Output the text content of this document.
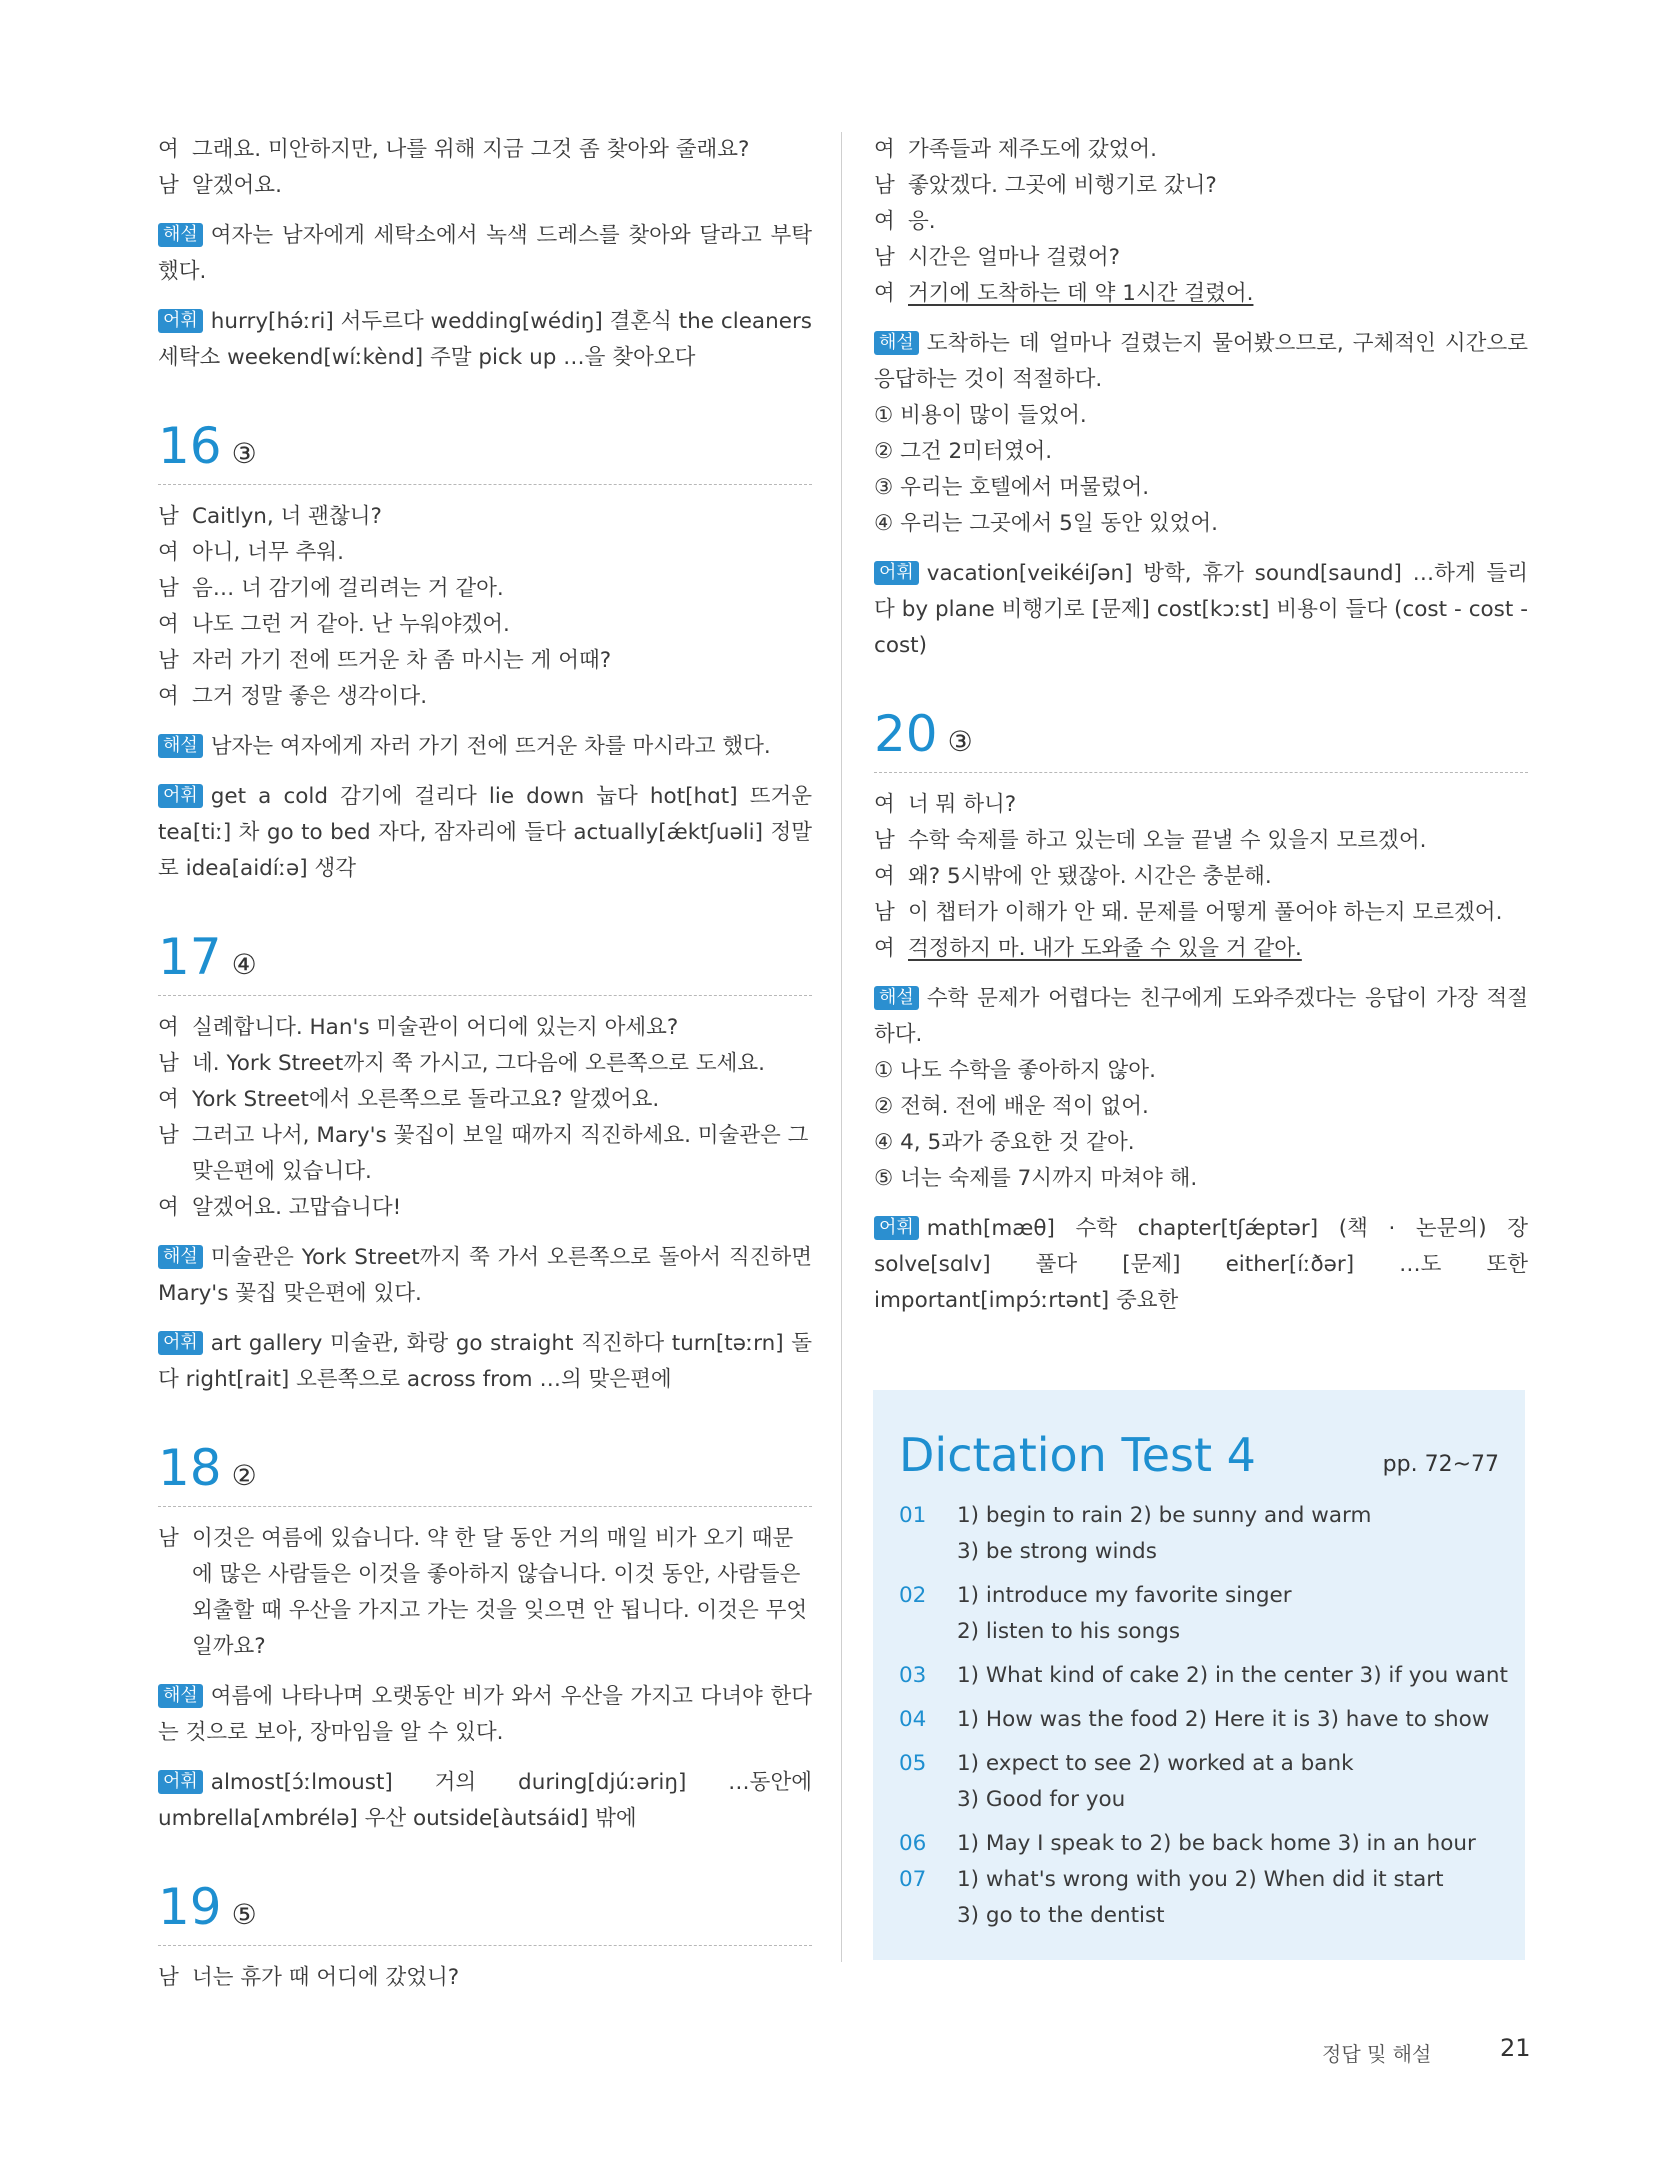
여 그래요. 미안하지만, 나를 위해 지금 그것 좀 찾아와 줄래요?
남 알겠어요.
해설 여자는 남자에게 세탁소에서 녹색 드레스를 찾아와 달라고 부탁했다.
어휘 hurry[hə́ːri] 서두르다 wedding[wédiŋ] 결혼식 the cleaners 세탁소 weekend[wíːkènd] 주말 pick up …을 찾아오다
16 ③
남 Caitlyn, 너 괜찮니?
여 아니, 너무 추워.
남 음… 너 감기에 걸리려는 거 같아.
여 나도 그런 거 같아. 난 누워야겠어.
남 자러 가기 전에 뜨거운 차 좀 마시는 게 어때?
여 그거 정말 좋은 생각이다.
해설 남자는 여자에게 자러 가기 전에 뜨거운 차를 마시라고 했다.
어휘 get a cold 감기에 걸리다 lie down 눕다 hot[hɑt] 뜨거운 tea[tiː] 차 go to bed 자다, 잠자리에 들다 actually[ǽktʃuəli] 정말로 idea[aidíːə] 생각
17 ④
여 실례합니다. Han's 미술관이 어디에 있는지 아세요?
남 네. York Street까지 쭉 가시고, 그다음에 오른쪽으로 도세요.
여 York Street에서 오른쪽으로 돌라고요? 알겠어요.
남 그러고 나서, Mary's 꽃집이 보일 때까지 직진하세요. 미술관은 그 맞은편에 있습니다.
여 알겠어요. 고맙습니다!
해설 미술관은 York Street까지 쭉 가서 오른쪽으로 돌아서 직진하면 Mary's 꽃집 맞은편에 있다.
어휘 art gallery 미술관, 화랑 go straight 직진하다 turn[təːrn] 돌다 right[rait] 오른쪽으로 across from …의 맞은편에
18 ②
남 이것은 여름에 있습니다. 약 한 달 동안 거의 매일 비가 오기 때문에 많은 사람들은 이것을 좋아하지 않습니다. 이것 동안, 사람들은 외출할 때 우산을 가지고 가는 것을 잊으면 안 됩니다. 이것은 무엇일까요?
해설 여름에 나타나며 오랫동안 비가 와서 우산을 가지고 다녀야 한다는 것으로 보아, 장마임을 알 수 있다.
어휘 almost[ɔ́ːlmoust] 거의 during[djúːəriŋ] …동안에 umbrella[ʌmbrélə] 우산 outside[àutsáid] 밖에
19 ⑤
남 너는 휴가 때 어디에 갔었니?
여 가족들과 제주도에 갔었어.
남 좋았겠다. 그곳에 비행기로 갔니?
여 응.
남 시간은 얼마나 걸렸어?
여 거기에 도착하는 데 약 1시간 걸렸어.
해설 도착하는 데 얼마나 걸렸는지 물어봤으므로, 구체적인 시간으로 응답하는 것이 적절하다.
① 비용이 많이 들었어.
② 그건 2미터였어.
③ 우리는 호텔에서 머물렀어.
④ 우리는 그곳에서 5일 동안 있었어.
어휘 vacation[veikéiʃən] 방학, 휴가 sound[saund] …하게 들리다 by plane 비행기로 [문제] cost[kɔːst] 비용이 들다 (cost - cost - cost)
20 ③
여 너 뭐 하니?
남 수학 숙제를 하고 있는데 오늘 끝낼 수 있을지 모르겠어.
여 왜? 5시밖에 안 됐잖아. 시간은 충분해.
남 이 챕터가 이해가 안 돼. 문제를 어떻게 풀어야 하는지 모르겠어.
여 걱정하지 마. 내가 도와줄 수 있을 거 같아.
해설 수학 문제가 어렵다는 친구에게 도와주겠다는 응답이 가장 적절하다.
① 나도 수학을 좋아하지 않아.
② 전혀. 전에 배운 적이 없어.
④ 4, 5과가 중요한 것 같아.
⑤ 너는 숙제를 7시까지 마쳐야 해.
어휘 math[mæθ] 수학 chapter[tʃǽptər] (책 · 논문의) 장 solve[sɑlv] 풀다 [문제] either[íːðər] …도 또한 important[impɔ́ːrtənt] 중요한
Dictation Test 4	pp. 72~77
01	1) begin to rain 2) be sunny and warm
3) be strong winds
02	1) introduce my favorite singer
2) listen to his songs
03	1) What kind of cake 2) in the center 3) if you want
04	1) How was the food 2) Here it is 3) have to show
05	1) expect to see 2) worked at a bank
3) Good for you
06	1) May I speak to 2) be back home 3) in an hour
07	1) what's wrong with you 2) When did it start
3) go to the dentist
정답 및 해설	21
